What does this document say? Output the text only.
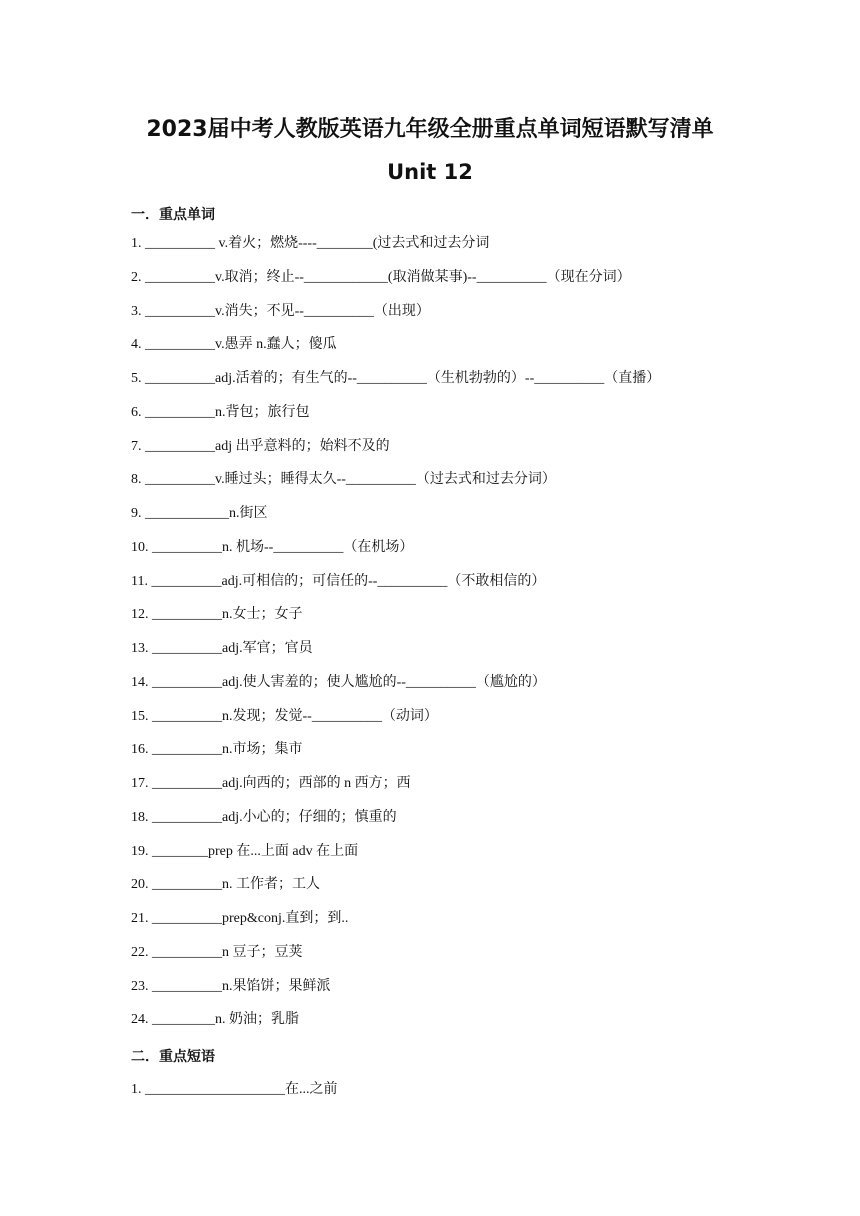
2023届中考人教版英语九年级全册重点单词短语默写清单
Unit 12
一．重点单词
1. __________ v.着火；燃烧----________(过去式和过去分词
2. __________v.取消；终止--____________(取消做某事)--__________（现在分词）
3. __________v.消失；不见--__________（出现）
4. __________v.愚弄 n.蠢人；傻瓜
5. __________adj.活着的；有生气的--__________（生机勃勃的）--__________（直播）
6. __________n.背包；旅行包
7. __________adj 出乎意料的；始料不及的
8. __________v.睡过头；睡得太久--__________（过去式和过去分词）
9. ____________n.街区
10. __________n. 机场--__________（在机场）
11. __________adj.可相信的；可信任的--__________（不敢相信的）
12. __________n.女士；女子
13. __________adj.军官；官员
14. __________adj.使人害羞的；使人尴尬的--__________（尴尬的）
15. __________n.发现；发觉--__________（动词）
16. __________n.市场；集市
17. __________adj.向西的；西部的 n 西方；西
18. __________adj.小心的；仔细的；慎重的
19. ________prep 在...上面 adv 在上面
20. __________n. 工作者；工人
21. __________prep&conj.直到；到..
22. __________n 豆子；豆荚
23. __________n.果馅饼；果鲜派
24. _________n. 奶油；乳脂
二．重点短语
1. ____________________在...之前
